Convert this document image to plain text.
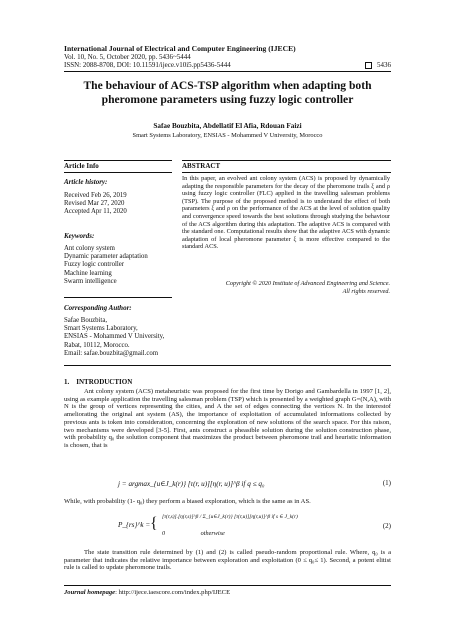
International Journal of Electrical and Computer Engineering (IJECE)
Vol. 10, No. 5, October 2020, pp. 5436~5444
ISSN: 2088-8708, DOI: 10.11591/ijece.v10i5.pp5436-5444	5436
The behaviour of ACS-TSP algorithm when adapting both
pheromone parameters using fuzzy logic controller
Safae Bouzbita, Abdellatif El Afia, Rdouan Faizi
Smart Systems Laboratory, ENSIAS - Mohammed V University, Morocco
Article Info	ABSTRACT
Article history:
Received Feb 26, 2019
Revised Mar 27, 2020
Accepted Apr 11, 2020
Keywords:
Ant colony system
Dynamic parameter adaptation
Fuzzy logic controller
Machine learning
Swarm intelligence
Corresponding Author:
Safae Bouzbita,
Smart Systems Laboratory,
ENSIAS - Mohammed V University,
Rabat, 10112, Morocco.
Email: safae.bouzbita@gmail.com
In this paper, an evolved ant colony system (ACS) is proposed by dynamically adapting the responsible parameters for the decay of the pheromone trails ξ and ρ using fuzzy logic controller (FLC) applied in the travelling salesman problems (TSP). The purpose of the proposed method is to understand the effect of both parameters ξ and ρ on the performance of the ACS at the level of solution quality and convergence speed towards the best solutions through studying the behaviour of the ACS algorithm during this adaptation. The adaptive ACS is compared with the standard one. Computational results show that the adaptive ACS with dynamic adaptation of local pheromone parameter ξ is more effective compared to the standard ACS.
Copyright © 2020 Institute of Advanced Engineering and Science.
All rights reserved.
1.    INTRODUCTION
Ant colony system (ACS) metaheuristic was proposed for the first time by Dorigo and Gambardella in 1997 [1, 2], using as example application the travelling salesman problem (TSP) which is presented by a weighted graph G=(N,A), with N is the group of vertices representing the cities, and A the set of edges connecting the vertices N. In the interestof ameliorating the original ant system (AS), the importance of exploitation of accumulated informations collected by previous ants is token into consideration, concerning the exploration of new solutions of the search space. For this raison, two mechanisms were developed [3-5]. First, ants construct a pheasible solution during the solution construction phase, with probability q₀ the solution component that maximizes the product between pheromone trail and heuristic information is chosen, that is
j = argmax_{u∈J_k(r)} [τ(r, u)][η(r, u)]^β if q ≤ q₀	(1)
While, with probability (1- q₀) they perform a biased exploration, which is the same as in AS.
P_{rs}^k = { [τ(r,s)].[η(r,s)]^β / Σ_{u∈J_k(r)} [τ(r,u)][η(r,u)]^β if s ∈ J_k(r)
0                       otherwise
(2)
The state transition rule determined by (1) and (2) is called pseudo-random proportional rule. Where, q₀ is a parameter that indicates the relative importance between exploration and exploitation (0 ≤ q₀≤ 1). Second, a potent elitist rule is called to update pheromone trails.
Journal homepage: http://ijece.iaescore.com/index.php/IJECE
